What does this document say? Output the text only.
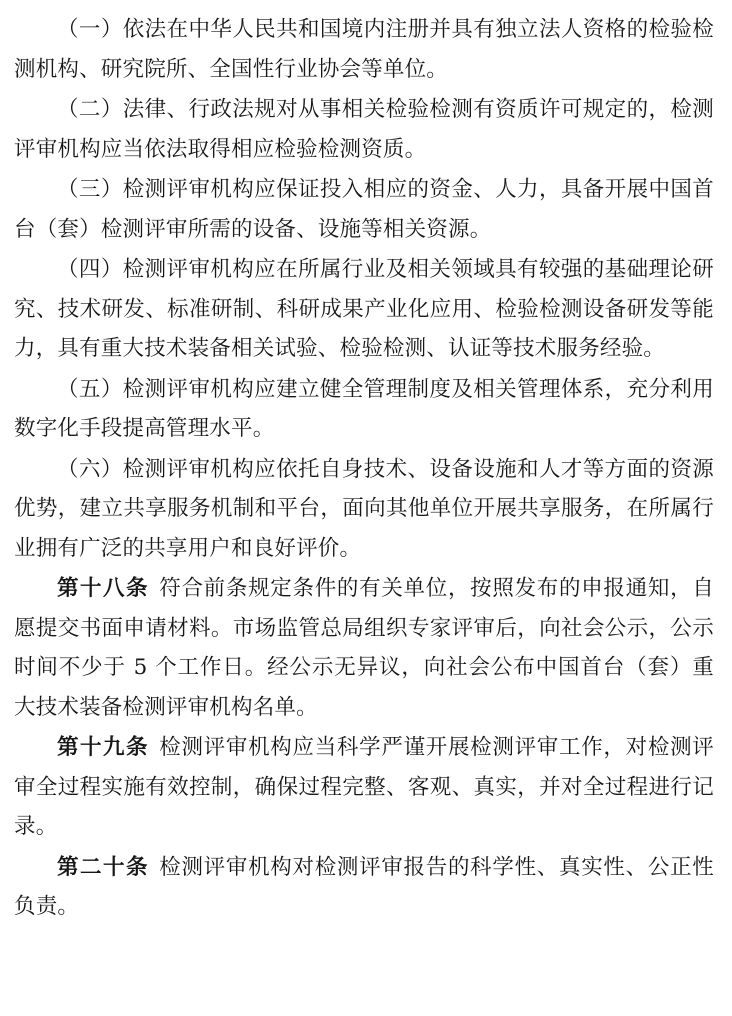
（一）依法在中华人民共和国境内注册并具有独立法人资格的检验检测机构、研究院所、全国性行业协会等单位。

（二）法律、行政法规对从事相关检验检测有资质许可规定的，检测评审机构应当依法取得相应检验检测资质。

（三）检测评审机构应保证投入相应的资金、人力，具备开展中国首台（套）检测评审所需的设备、设施等相关资源。

（四）检测评审机构应在所属行业及相关领域具有较强的基础理论研究、技术研发、标准研制、科研成果产业化应用、检验检测设备研发等能力，具有重大技术装备相关试验、检验检测、认证等技术服务经验。

（五）检测评审机构应建立健全管理制度及相关管理体系，充分利用数字化手段提高管理水平。

（六）检测评审机构应依托自身技术、设备设施和人才等方面的资源优势，建立共享服务机制和平台，面向其他单位开展共享服务，在所属行业拥有广泛的共享用户和良好评价。

第十八条 符合前条规定条件的有关单位，按照发布的申报通知，自愿提交书面申请材料。市场监管总局组织专家评审后，向社会公示，公示时间不少于 5 个工作日。经公示无异议，向社会公布中国首台（套）重大技术装备检测评审机构名单。

第十九条 检测评审机构应当科学严谨开展检测评审工作，对检测评审全过程实施有效控制，确保过程完整、客观、真实，并对全过程进行记录。

第二十条 检测评审机构对检测评审报告的科学性、真实性、公正性负责。
